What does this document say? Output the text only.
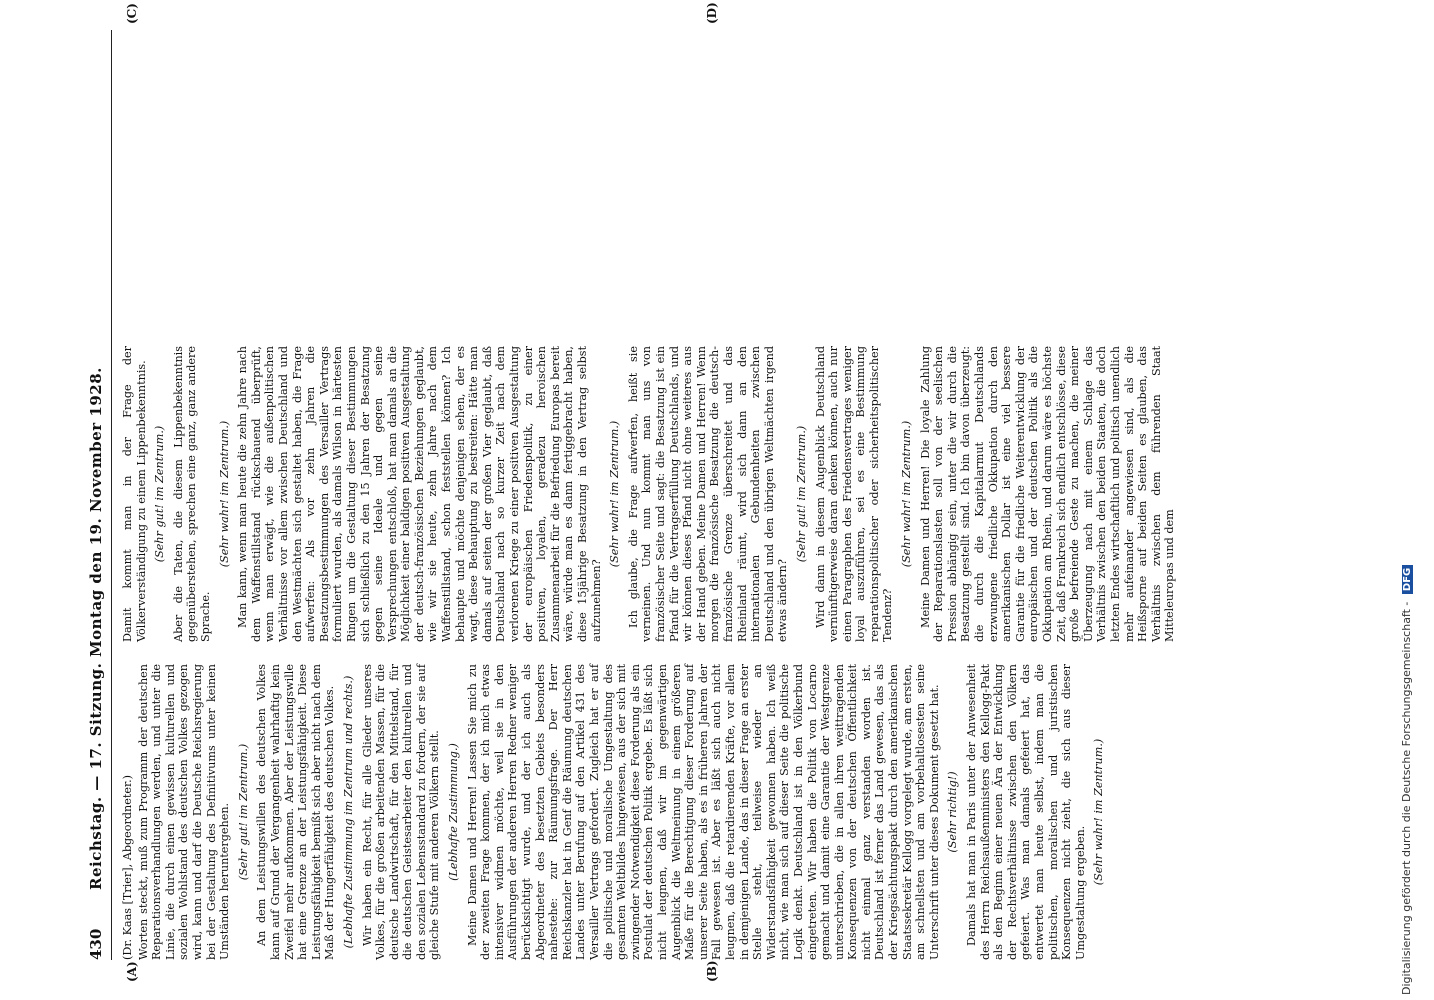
430
Reichstag. — 17. Sitzung. Montag den 19. November 1928.
(A)	(B)
(C)	(D)

(Dr. Kaas [Trier], Abgeordneter.) Worten steckt, muß zum Programm der deutschen Reparationsverhandlungen werden, und unter die Linie, die durch einen gewissen kulturellen und sozialen Wohlstand des deutschen Volkes gezogen wird, kann und darf die Deutsche Reichsregierung bei der Gestaltung des Definitivums unter keinen Umständen heruntergehen. (Sehr gut! im Zentrum.) An dem Leistungswillen des deutschen Volkes kann auf Grund der Vergangenheit wahrhaftig kein Zweifel mehr aufkommen. Aber der Leistungswille hat eine Grenze an der Leistungsfähigkeit. Diese Leistungsfähigkeit bemißt sich aber nicht nach dem Maß der Hungerfähigkeit des deutschen Volkes. (Lebhafte Zustimmung im Zentrum und rechts.) Wir haben ein Recht, für alle Glieder unseres Volkes, für die großen arbeitenden Massen, für die deutsche Landwirtschaft, für den Mittelstand, für die deutschen Geistesarbeiter den kulturellen und den sozialen Lebensstandard zu fordern, der sie auf gleiche Stufe mit anderen Völkern stellt. (Lebhafte Zustimmung.) Meine Damen und Herren! Lassen Sie mich zu der zweiten Frage kommen, der ich mich etwas intensiver widmen möchte, weil sie in den Ausführungen der anderen Herren Redner weniger berücksichtigt wurde, und der ich auch als Abgeordneter des besetzten Gebiets besonders nahestehe: zur Räumungsfrage. Der Herr Reichskanzler hat in Genf die Räumung deutschen Landes unter Berufung auf den Artikel 431 des Versailler Vertrags gefordert. Zugleich hat er auf die politische und moralische Umgestaltung des gesamten Weltbildes hingewiesen, aus der sich mit zwingender Notwendigkeit diese Forderung als ein Postulat der deutschen Politik ergebe. Es läßt sich nicht leugnen, daß wir im gegenwärtigen Augenblick die Weltmeinung in einem größeren Maße für die Berechtigung dieser Forderung auf unserer Seite haben, als es in früheren Jahren der Fall gewesen ist. Aber es läßt sich auch nicht leugnen, daß die retardierenden Kräfte, vor allem in demjenigen Lande, das in dieser Frage an erster Stelle steht, teilweise wieder an Widerstandsfähigkeit gewonnen haben. Ich weiß nicht, wie man sich auf dieser Seite die politische Logik denkt. Deutschland ist in den Völkerbund eingetreten. Wir haben die Politik von Locarno gemacht und damit eine Garantie der Westgrenze unterschrieben, die in allen ihren weittragenden Konsequenzen von der deutschen Öffentlichkeit nicht einmal ganz verstanden worden ist. Deutschland ist ferner das Land gewesen, das als der Kriegsächtungspakt durch den amerikanischen Staatssekretär Kellogg vorgelegt wurde, am ersten, am schnellsten und am vorbehaltlosesten seine Unterschrift unter dieses Dokument gesetzt hat. (Sehr richtig!) Damals hat man in Paris unter der Anwesenheit des Herrn Reichsaußenministers den Kellogg-Pakt als den Beginn einer neuen Ära der Entwicklung der Rechtsverhältnisse zwischen den Völkern gefeiert. Was man damals gefeiert hat, das entwertet man heute selbst, indem man die politischen, moralischen und juristischen Konsequenzen nicht zieht, die sich aus dieser Umgestaltung ergeben.

(Sehr wahr! im Zentrum.)

Damit kommt man in der Frage der Völkerverständigung zu einem Lippenbekenntnis. (Sehr gut! im Zentrum.) Aber die Taten, die diesem Lippenbekenntnis gegenüberstehen, sprechen eine ganz, ganz andere Sprache.

(Sehr wahr! im Zentrum.) Man kann, wenn man heute die zehn Jahre nach dem Waffenstillstand rückschauend überprüft, wenn man erwägt, wie die außenpolitischen Verhältnisse vor allem zwischen Deutschland und den Westmächten sich gestaltet haben, die Frage aufwerfen: Als vor zehn Jahren die Besatzungsbestimmungen des Versailler Vertrags formuliert wurden, als damals Wilson in härtesten Ringen um die Gestaltung dieser Bestimmungen sich schließlich zu den 15 Jahren der Besatzung gegen seine Ideale und gegen seine Versprechungen entschloß, hat man damals an die Möglichkeit einer baldigen positiven Ausgestaltung der deutsch-französischen Beziehungen geglaubt, wie wir sie heute, zehn Jahre nach dem Waffenstillstand, schon feststellen können? Ich behaupte und möchte denjenigen sehen, der es wagt, diese Behauptung zu bestreiten: Hätte man damals auf seiten der großen Vier geglaubt, daß Deutschland nach so kurzer Zeit nach dem verlorenen Kriege zu einer positiven Ausgestaltung der europäischen Friedenspolitik, zu einer positiven, loyalen, geradezu heroischen Zusammenarbeit für die Befriedung Europas bereit wäre, würde man es dann fertiggebracht haben, diese 15jährige Besatzung in den Vertrag selbst aufzunehmen?

(Sehr wahr! im Zentrum.) Ich glaube, die Frage aufwerfen, heißt sie verneinen. Und nun kommt man uns von französischer Seite und sagt: die Besatzung ist ein Pfand für die Vertragserfüllung Deutschlands, und wir können dieses Pfand nicht ohne weiteres aus der Hand geben. Meine Damen und Herren! Wenn morgen die französische Besatzung die deutsch-französische Grenze überschreitet und das Rheinland räumt, wird sich dann an den internationalen Gebundenheiten zwischen Deutschland und den übrigen Weltmächten irgend etwas ändern?

(Sehr gut! im Zentrum.) Wird dann in diesem Augenblick Deutschland vernünftigerweise daran denken können, auch nur einen Paragraphen des Friedensvertrages weniger loyal auszuführen, sei es eine Bestimmung reparationspolitischer oder sicherheitspolitischer Tendenz?

(Sehr wahr! im Zentrum.) Meine Damen und Herren! Die loyale Zahlung der Reparationslasten soll von der seelischen Pression abhängig sein, unter die wir durch die Besatzung gestellt sind. Ich bin davon überzeugt: die durch die Kapitalarmut Deutschlands erzwungene friedliche Okkupation durch den amerikanischen Dollar ist eine viel bessere Garantie für die friedliche Weiterentwicklung der europäischen und der deutschen Politik als die Okkupation am Rhein, und darum wäre es höchste Zeit, daß Frankreich sich endlich entschlösse, diese große befreiende Geste zu machen, die meiner Überzeugung nach mit einem Schlage das Verhältnis zwischen den beiden Staaten, die doch letzten Endes wirtschaftlich und politisch unendlich mehr aufeinander angewiesen sind, als die Heißsporne auf beiden Seiten es glauben, das Verhältnis zwischen dem führenden Staat Mitteleuropas und dem

Digitalisierung gefördert durch die Deutsche Forschungsgemeinschaft - DFG
